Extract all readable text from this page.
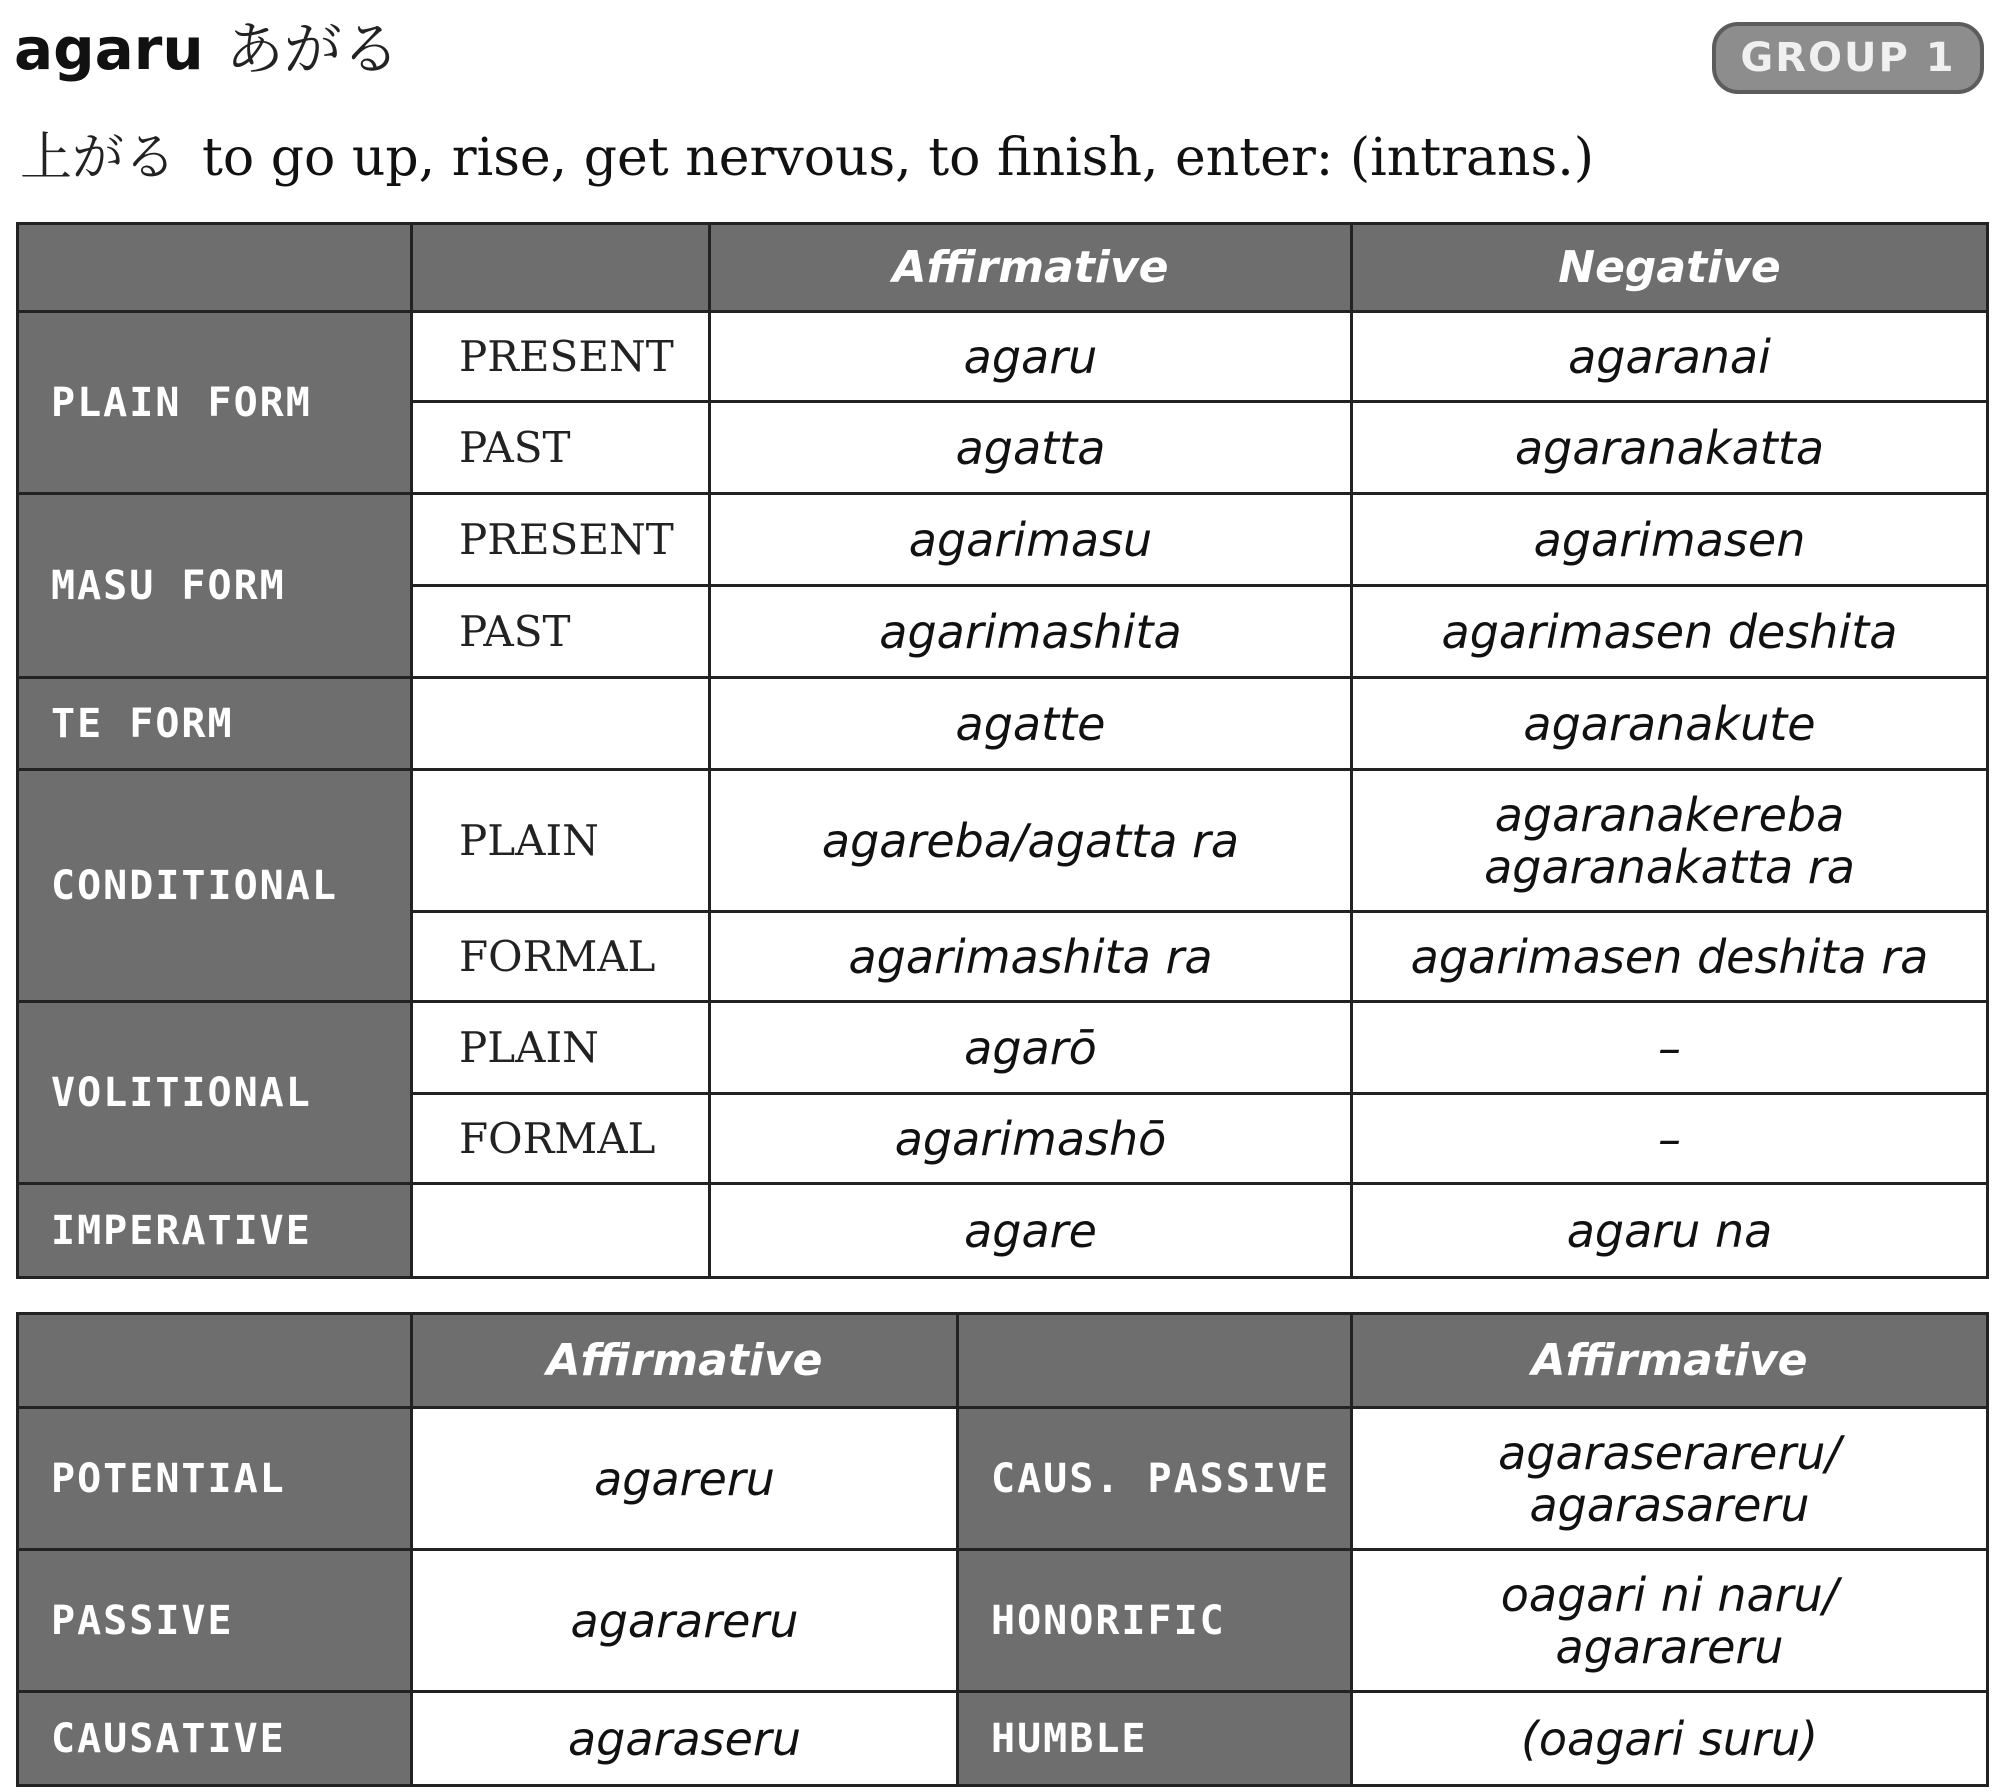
agaru あがる	GROUP 1
上がる to go up, rise, get nervous, to finish, enter: (intrans.)
		Affirmative	Negative
PLAIN FORM	PRESENT	agaru	agaranai
	PAST	agatta	agaranakatta
MASU FORM	PRESENT	agarimasu	agarimasen
	PAST	agarimashita	agarimasen deshita
TE FORM		agatte	agaranakute
CONDITIONAL	PLAIN	agareba/agatta ra	agaranakereba
agaranakatta ra

	FORMAL	agarimashita ra	agarimasen deshita ra
VOLITIONAL	PLAIN	agarō	–
	FORMAL	agarimashō	–
IMPERATIVE		agare	agaru na
	Affirmative		Affirmative
POTENTIAL	agareru	CAUS. PASSIVE	agaraserareru/
agarasareru

PASSIVE	agarareru	HONORIFIC	oagari ni naru/
agarareru

CAUSATIVE	agaraseru	HUMBLE	(oagari suru)
